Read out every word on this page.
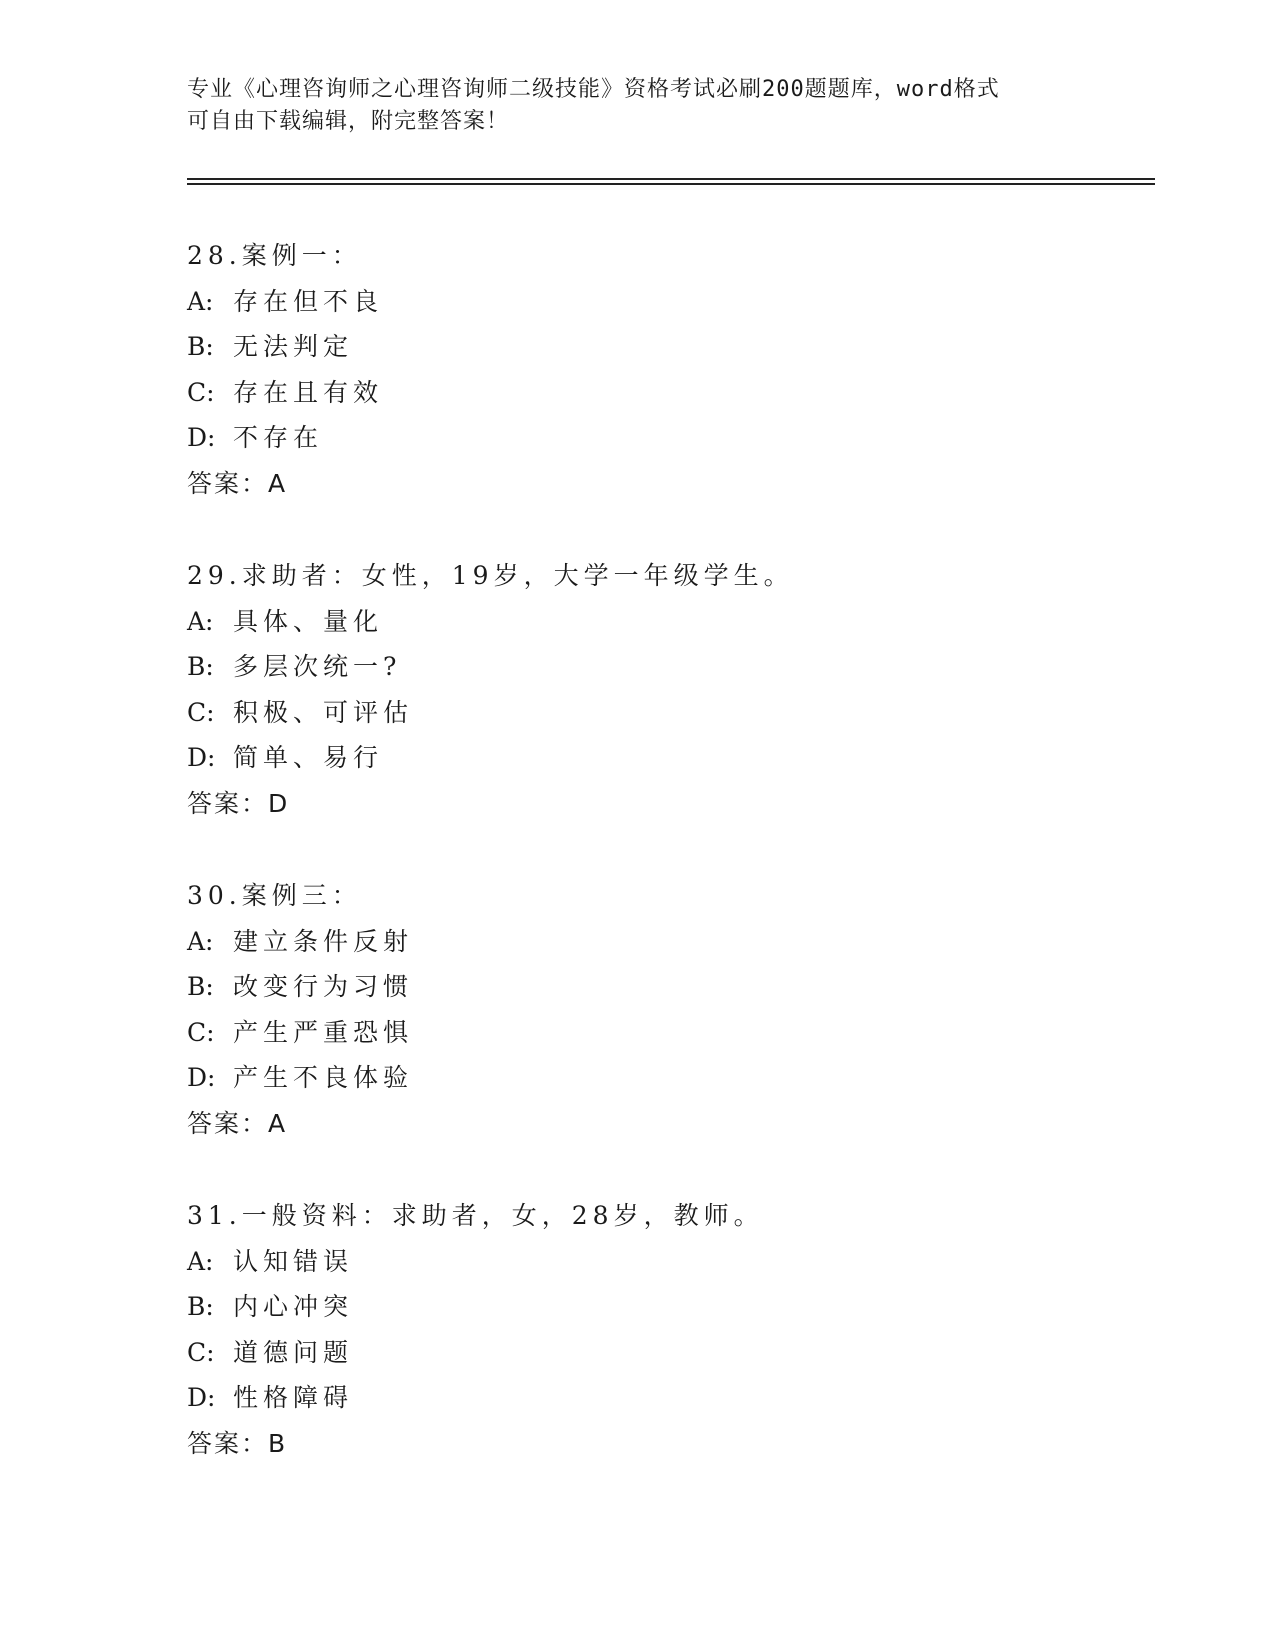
专业《心理咨询师之心理咨询师二级技能》资格考试必刷200题题库，word格式
可自由下载编辑，附完整答案！
28.案例一：
A: 存在但不良
B: 无法判定
C: 存在且有效
D: 不存在
答案：A
29.求助者：女性，19岁，大学一年级学生。
A: 具体、量化
B: 多层次统一?
C: 积极、可评估
D: 简单、易行
答案：D
30.案例三：
A: 建立条件反射
B: 改变行为习惯
C: 产生严重恐惧
D: 产生不良体验
答案：A
31.一般资料：求助者，女，28岁，教师。
A: 认知错误
B: 内心冲突
C: 道德问题
D: 性格障碍
答案：B
